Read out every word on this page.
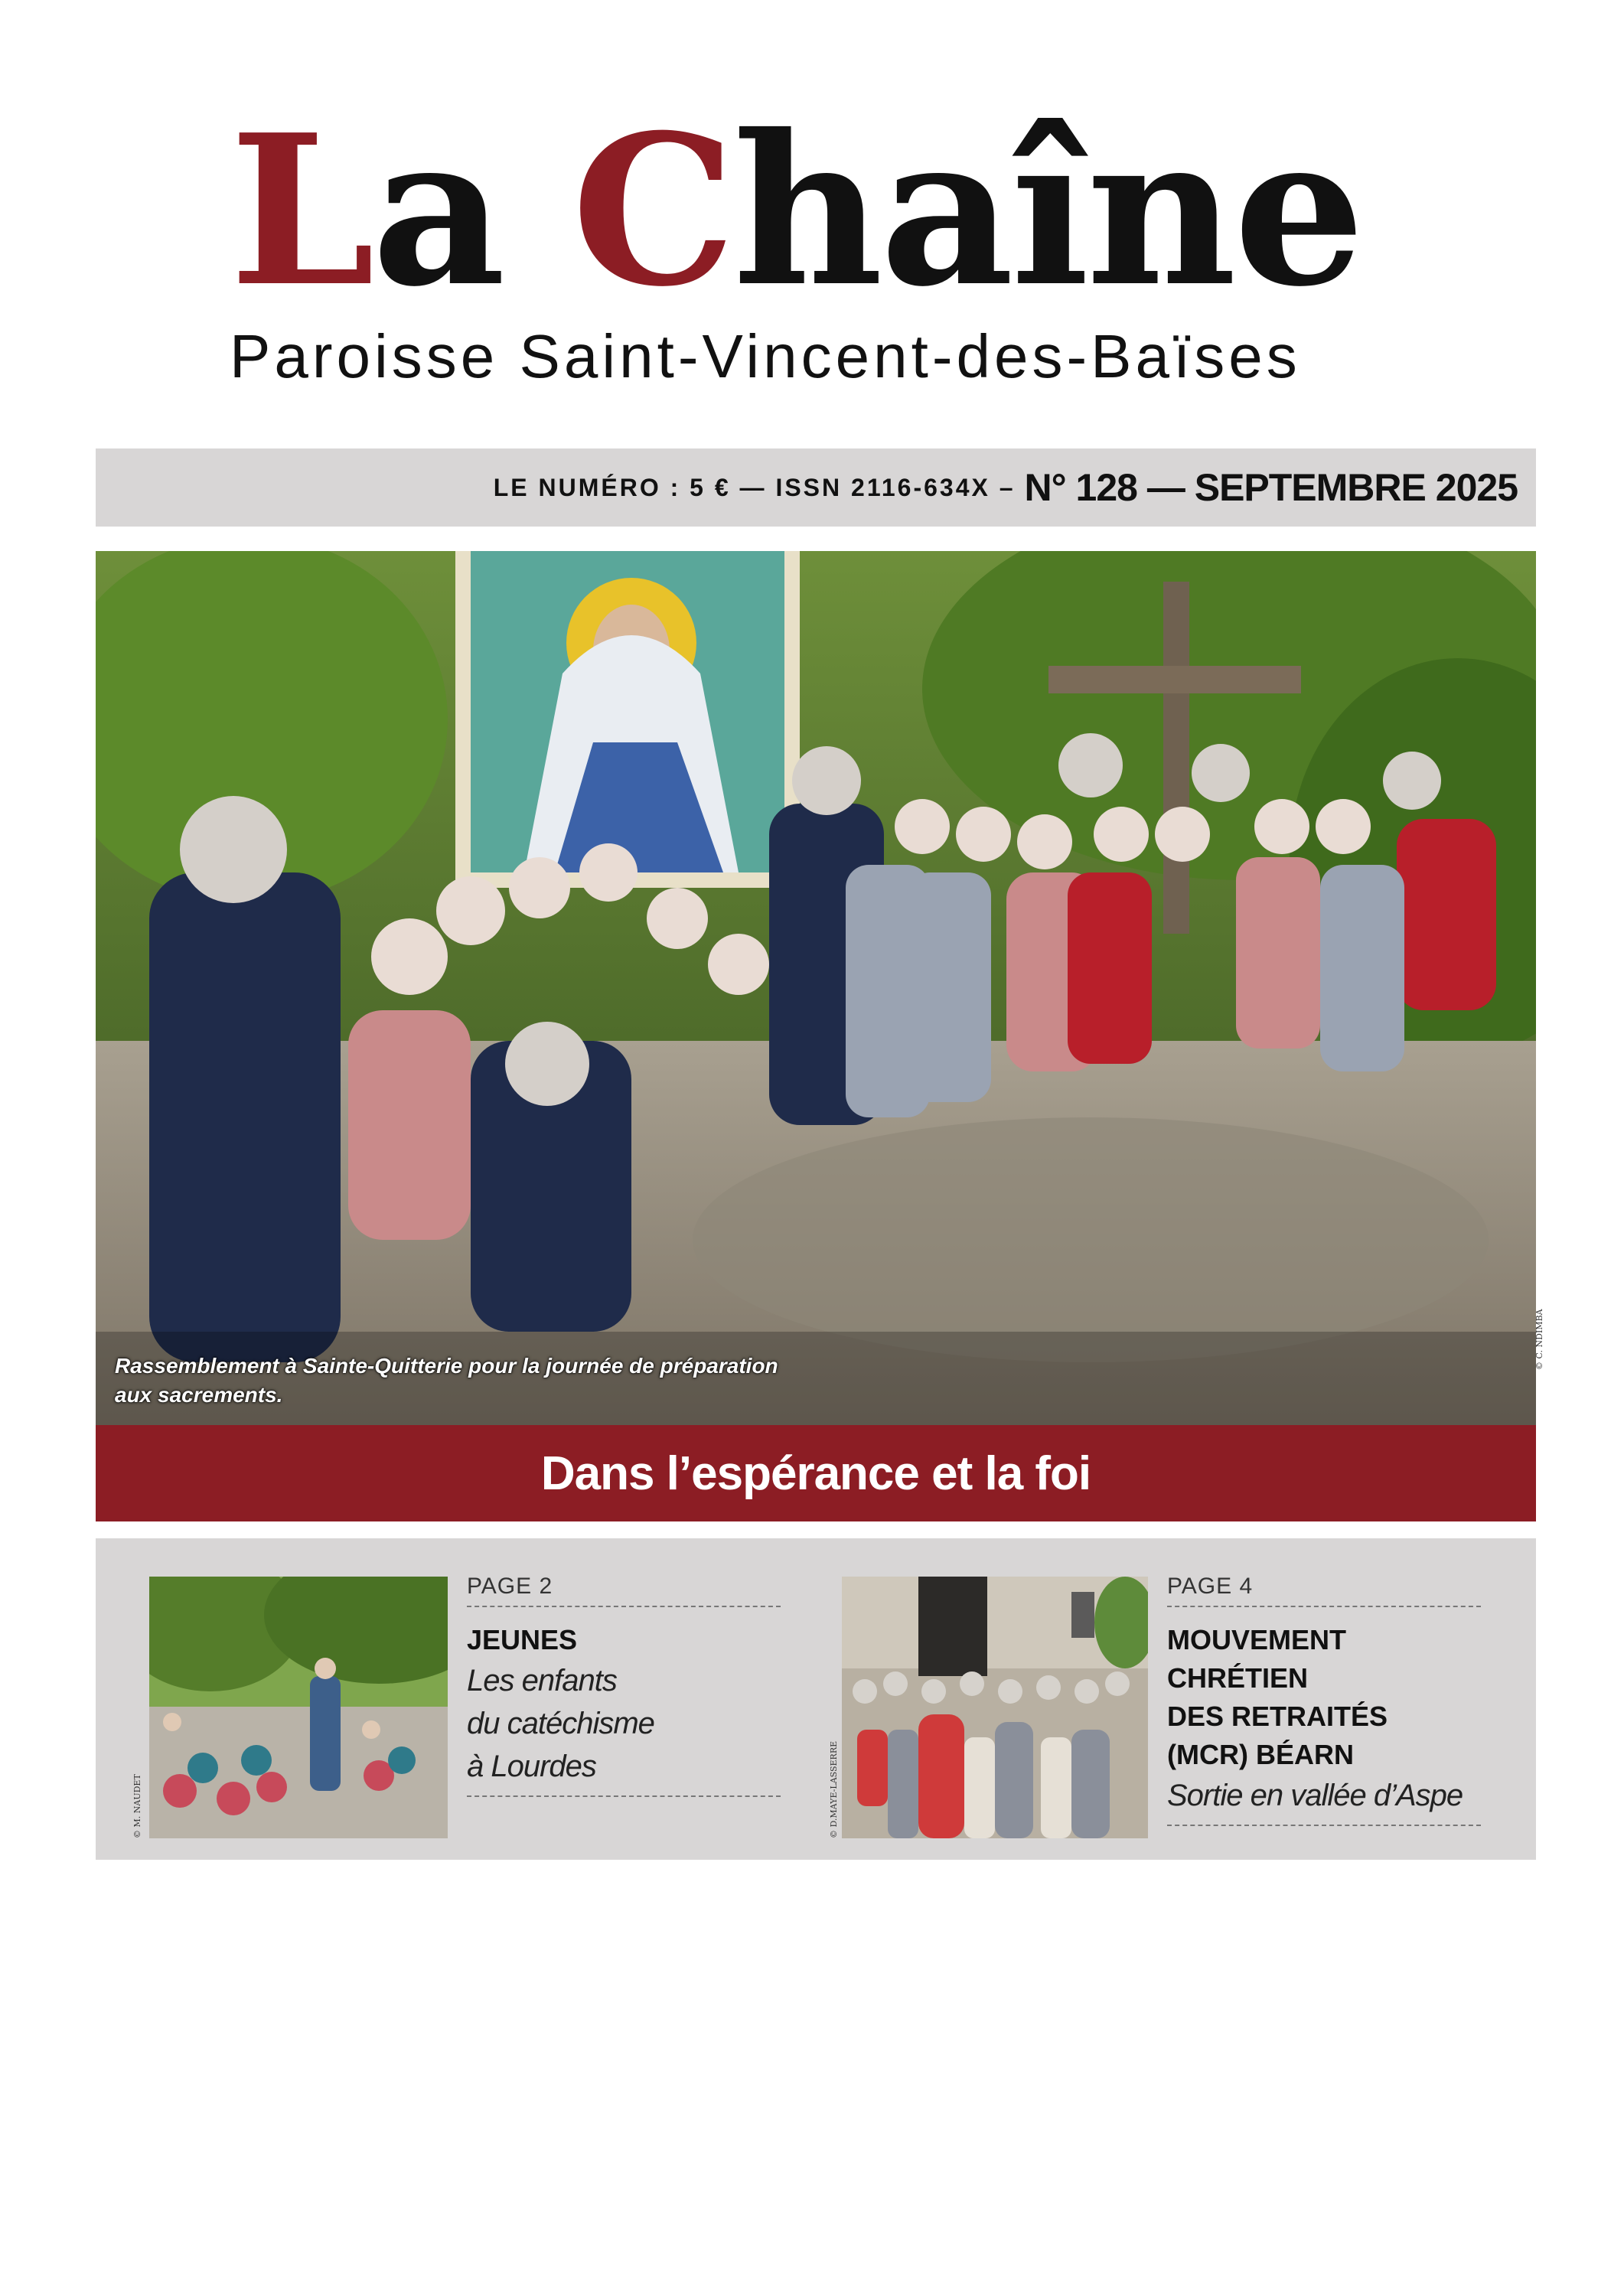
La Chaîne
Paroisse Saint-Vincent-des-Baïses
LE NUMÉRO : 5 € — ISSN 2116-634X – N° 128 — SEPTEMBRE 2025
Rassemblement à Sainte-Quitterie pour la journée de préparation aux sacrements.
© C. NDIMBA
Dans l’espérance et la foi
© M. NAUDET
PAGE 2
JEUNES
Les enfants
du catéchisme
à Lourdes	© D.MAYE-LASSERRE
PAGE 4
MOUVEMENT
CHRÉTIEN
DES RETRAITÉS
(MCR) BÉARN
Sortie en vallée d’Aspe
